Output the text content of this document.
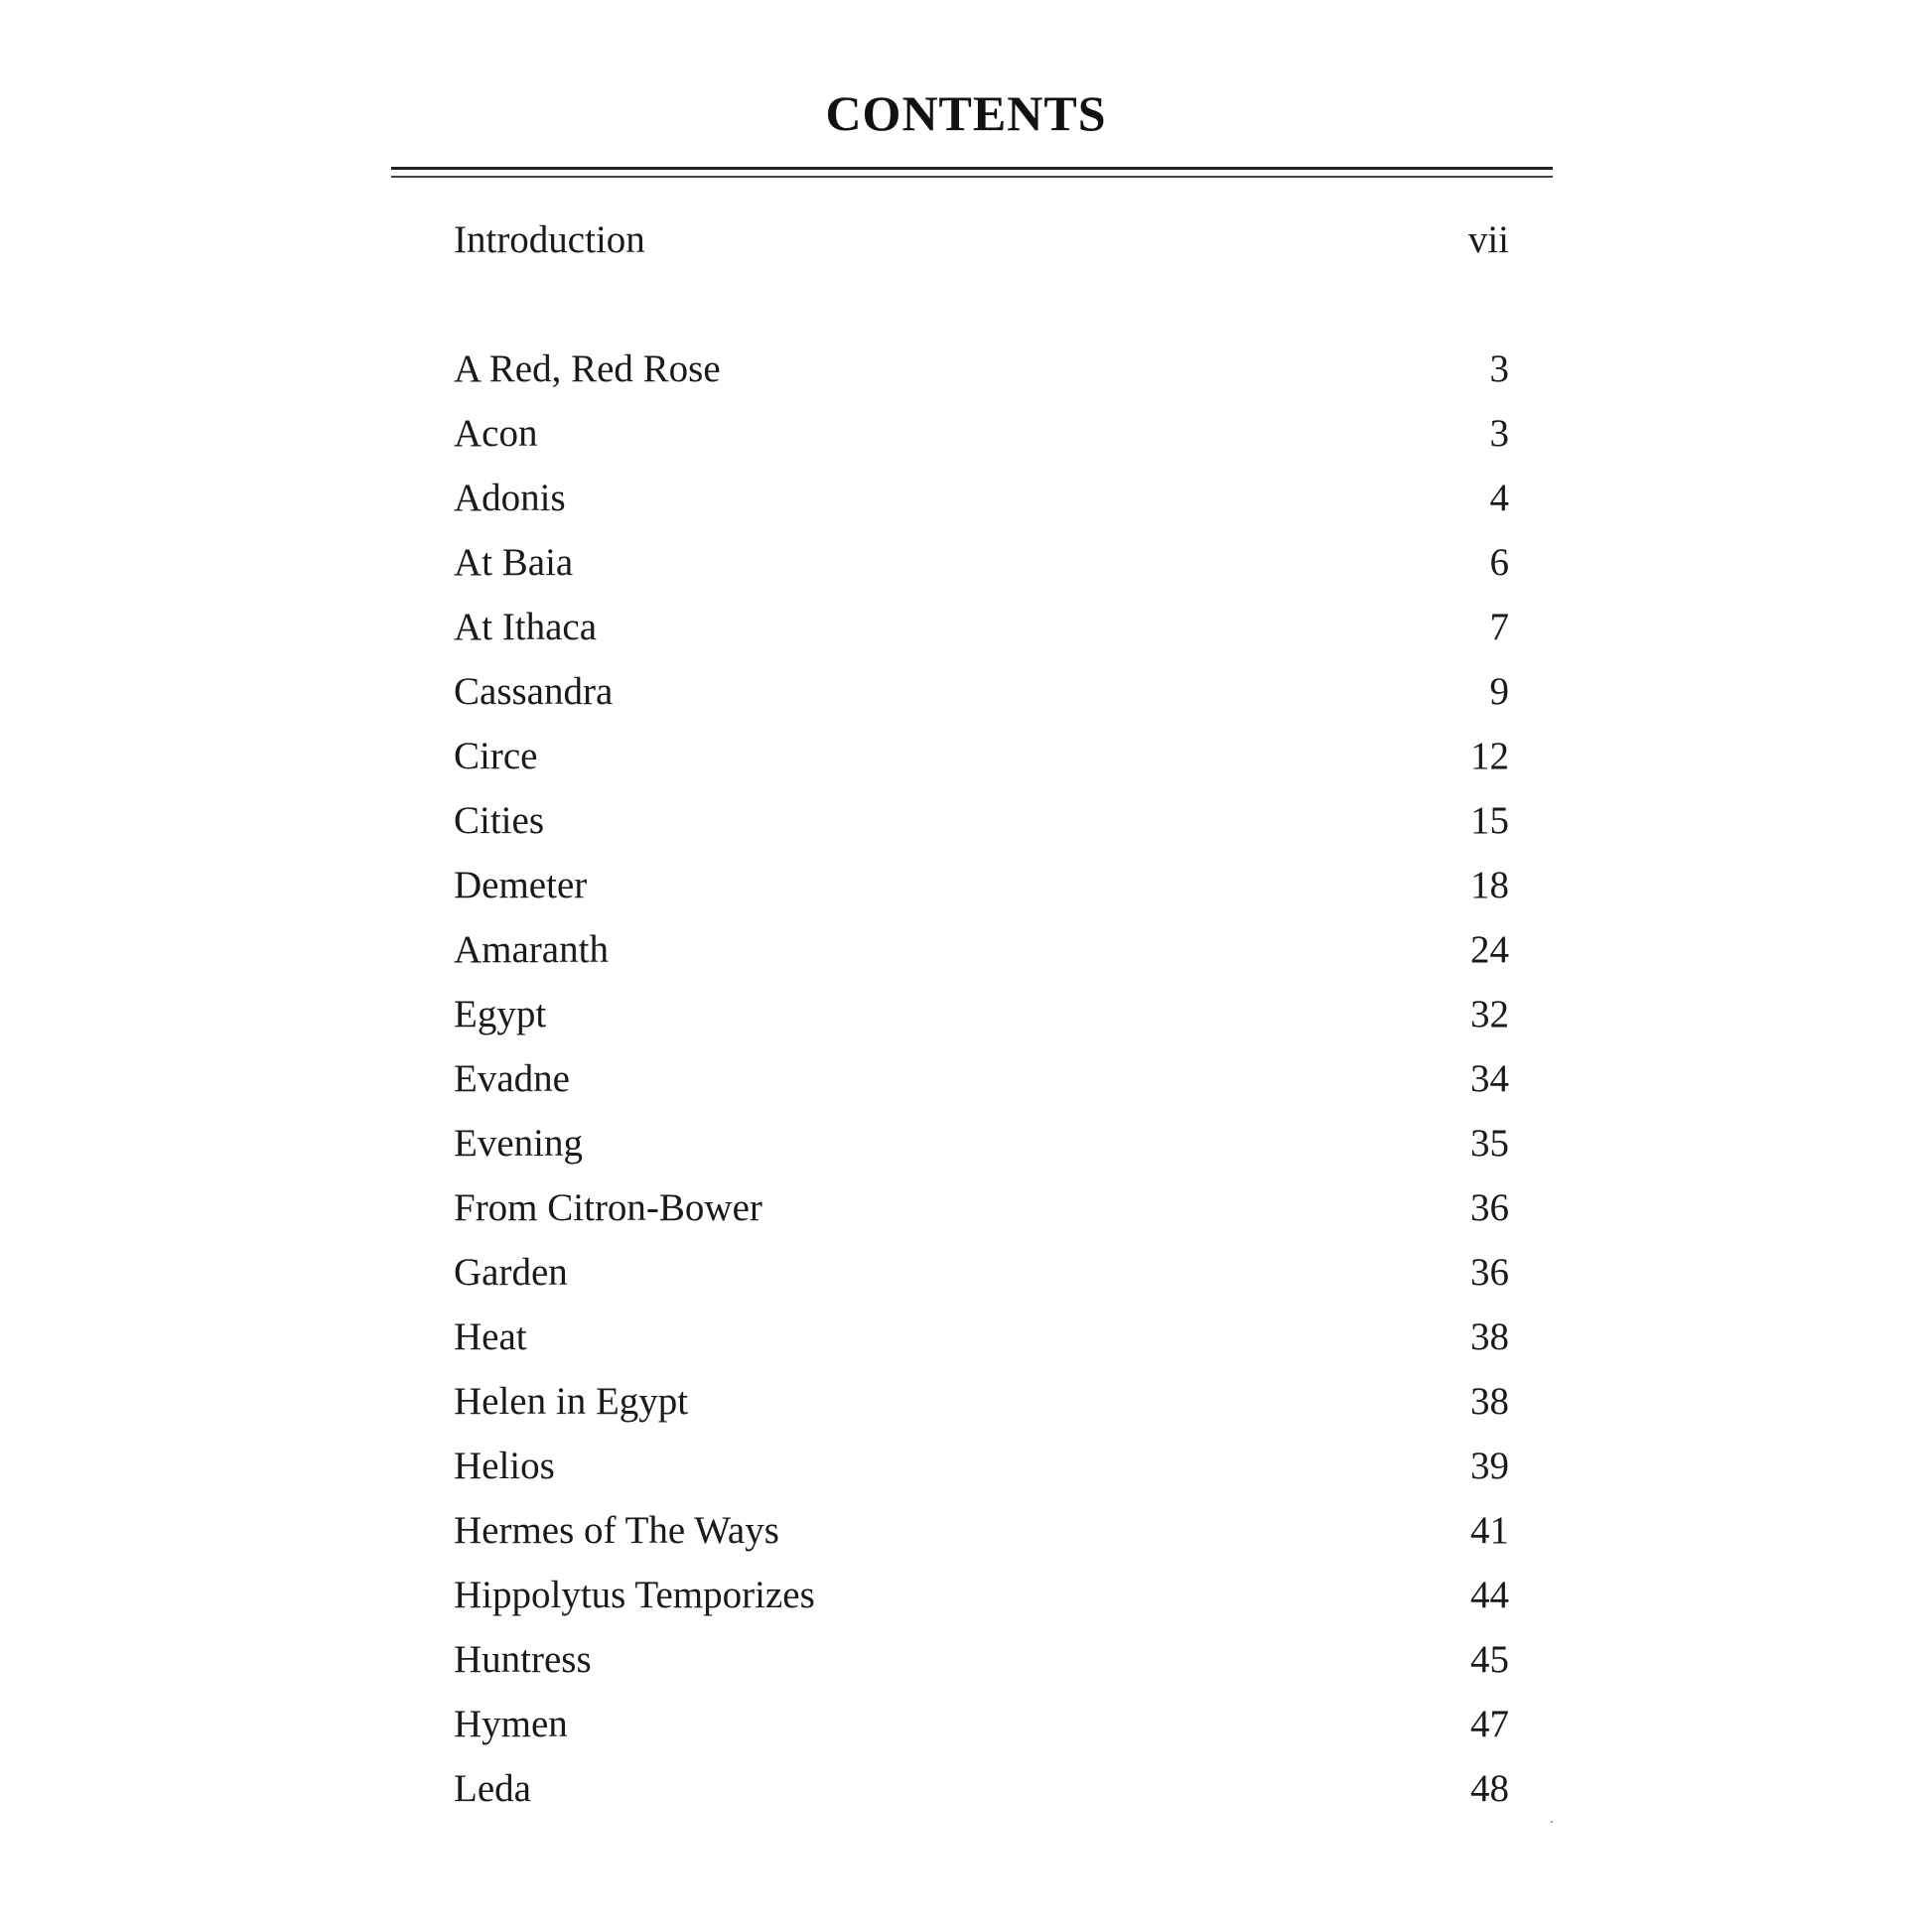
CONTENTS
Introduction	vii
A Red, Red Rose	3
Acon	3
Adonis	4
At Baia	6
At Ithaca	7
Cassandra	9
Circe	12
Cities	15
Demeter	18
Amaranth	24
Egypt	32
Evadne	34
Evening	35
From Citron-Bower	36
Garden	36
Heat	38
Helen in Egypt	38
Helios	39
Hermes of The Ways	41
Hippolytus Temporizes	44
Huntress	45
Hymen	47
Leda	48
